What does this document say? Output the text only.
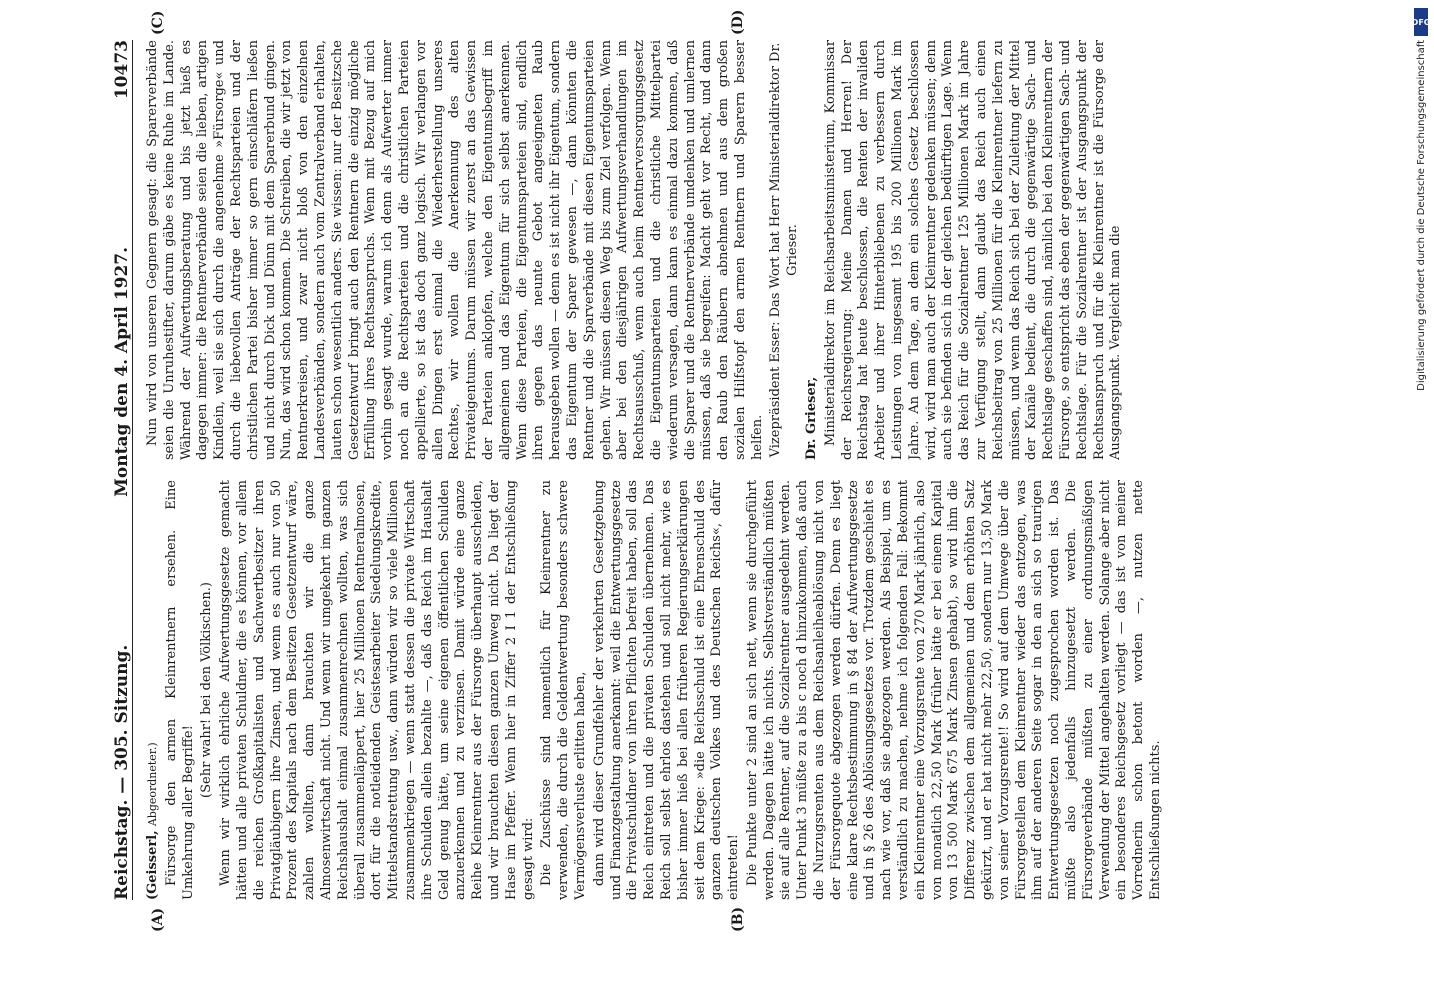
Reichstag. — 305. Sitzung.
Montag den 4. April 1927.
10473
(A)	(B)
(C)	(D)

(Geisserl, Abgeordneter.) Fürsorge den armen Kleinrentnern ersehen. Eine Umkehrung aller Begriffe!

(Sehr wahr! bei den Völkischen.) Wenn wir wirklich ehrliche Aufwertungsgesetze gemacht hätten und alle privaten Schuldner, die es können, vor allem die reichen Großkapitalisten und Sachwertbesitzer ihren Privatgläubigern ihre Zinsen, und wenn es auch nur von 50 Prozent des Kapitals nach dem Besitzen Gesetzentwurf wäre, zahlen wollten, dann brauchten wir die ganze Almosenwirtschaft nicht. Und wenn wir umgekehrt im ganzen Reichshaushalt einmal zusammenrechnen wollten, was sich überall zusammenläppert, hier 25 Millionen Rentneralmosen, dort für die notleidenden Geistesarbeiter Siedelungskredite, Mittelstandsrettung usw., dann würden wir so viele Millionen zusammenkriegen — wenn statt dessen die private Wirtschaft ihre Schulden allein bezahlte —, daß das Reich im Haushalt Geld genug hätte, um seine eigenen öffentlichen Schulden anzuerkennen und zu verzinsen. Damit würde eine ganze Reihe Kleinrentner aus der Fürsorge überhaupt ausscheiden, und wir brauchten diesen ganzen Umweg nicht. Da liegt der Hase im Pfeffer. Wenn hier in Ziffer 2 I 1 der Entschließung gesagt wird: Die Zuschüsse sind namentlich für Kleinrentner zu verwenden, die durch die Geldentwertung besonders schwere Vermögensverluste erlitten haben, dann wird dieser Grundfehler der verkehrten Gesetzgebung und Finanzgestaltung anerkannt: weil die Entwertungsgesetze die Privatschuldner von ihren Pflichten befreit haben, soll das Reich eintreten und die privaten Schulden übernehmen. Das Reich soll selbst ehrlos dastehen und soll nicht mehr, wie es bisher immer hieß bei allen früheren Regierungserklärungen seit dem Kriege: »die Reichsschuld ist eine Ehrenschuld des ganzen deutschen Volkes und des Deutschen Reichs«, dafür eintreten! Die Punkte unter 2 sind an sich nett, wenn sie durchgeführt werden. Dagegen hätte ich nichts. Selbstverständlich müßten sie auf alle Rentner, auf die Sozialrentner ausgedehnt werden. Unter Punkt 3 müßte zu a bis c noch d hinzukommen, daß auch die Nurzugsrenten aus dem Reichsanleiheablösung nicht von der Fürsorgequote abgezogen werden dürfen. Denn es liegt eine klare Rechtsbestimmung in § 84 der Aufwertungsgesetze und in § 26 des Ablösungsgesetzes vor. Trotzdem geschieht es nach wie vor, daß sie abgezogen werden. Als Beispiel, um es verständlich zu machen, nehme ich folgenden Fall: Bekommt ein Kleinrentner eine Vorzugsrente von 270 Mark jährlich, also von monatlich 22,50 Mark (früher hätte er bei einem Kapital von 13 500 Mark 675 Mark Zinsen gehabt), so wird ihm die Differenz zwischen dem allgemeinen und dem erhöhten Satz gekürzt, und er hat nicht mehr 22,50, sondern nur 13,50 Mark von seiner Vorzugsrente!! So wird auf dem Umwege über die Fürsorgestellen dem Kleinrentner wieder das entzogen, was ihm auf der anderen Seite sogar in den an sich so traurigen Entwertungsgesetzen noch zugesprochen worden ist. Das müßte also jedenfalls hinzugesetzt werden. Die Fürsorgeverbände müßten zu einer ordnungsmäßigen Verwendung der Mittel angehalten werden. Solange aber nicht ein besonderes Reichsgesetz vorliegt — das ist von meiner Vorrednerin schon betont worden —, nutzen nette Entschließungen nichts.

Nun wird von unseren Gegnern gesagt: die Sparerverbände seien die Unruhestifter, darum gäbe es keine Ruhe im Lande. Während der Aufwertungsberatung und bis jetzt hieß es dagegen immer: die Rentnerverbände seien die lieben, artigen Kindlein, weil sie sich durch die angenehme »Fürsorge« und durch die liebevollen Anträge der Rechtsparteien und der christlichen Partei bisher immer so gern einschläfern ließen und nicht durch Dick und Dünn mit dem Sparerbund gingen. Nun, das wird schon kommen. Die Schreiben, die wir jetzt von Rentnerkreisen, und zwar nicht bloß von den einzelnen Landesverbänden, sondern auch vom Zentralverband erhalten, lauten schon wesentlich anders. Sie wissen: nur der Besitzsche Gesetzentwurf bringt auch den Rentnern die einzig mögliche Erfüllung ihres Rechtsanspruchs. Wenn mit Bezug auf mich vorhin gesagt wurde, warum ich denn als Aufwerter immer noch an die Rechtsparteien und die christlichen Parteien appellierte, so ist das doch ganz logisch. Wir verlangen vor allen Dingen erst einmal die Wiederherstellung unseres Rechtes, wir wollen die Anerkennung des alten Privateigentums. Darum müssen wir zuerst an das Gewissen der Parteien anklopfen, welche den Eigentumsbegriff im allgemeinen und das Eigentum für sich selbst anerkennen. Wenn diese Parteien, die Eigentumsparteien sind, endlich ihren gegen das neunte Gebot angeeigneten Raub herausgeben wollen — denn es ist nicht ihr Eigentum, sondern das Eigentum der Sparer gewesen —, dann könnten die Rentner und die Sparverbände mit diesen Eigentumsparteien gehen. Wir müssen diesen Weg bis zum Ziel verfolgen. Wenn aber bei den diesjährigen Aufwertungsverhandlungen im Rechtsausschuß, wenn auch beim Rentnerversorgungsgesetz die Eigentumsparteien und die christliche Mittelpartei wiederum versagen, dann kann es einmal dazu kommen, daß die Sparer und die Rentnerverbände umdenken und umlernen müssen, daß sie begreifen: Macht geht vor Recht, und dann den Raub den Räubern abnehmen und aus dem großen sozialen Hilfstopf den armen Rentnern und Sparern besser helfen. Vizepräsident Esser: Das Wort hat Herr Ministerialdirektor Dr. Grieser.

Dr. Grieser, Ministerialdirektor im Reichsarbeitsministerium, Kommissar der Reichsregierung: Meine Damen und Herren! Der Reichstag hat heute beschlossen, die Renten der invaliden Arbeiter und ihrer Hinterbliebenen zu verbessern durch Leistungen von insgesamt 195 bis 200 Millionen Mark im Jahre. An dem Tage, an dem ein solches Gesetz beschlossen wird, wird man auch der Kleinrentner gedenken müssen; denn auch sie befinden sich in der gleichen bedürftigen Lage. Wenn das Reich für die Sozialrentner 125 Millionen Mark im Jahre zur Verfügung stellt, dann glaubt das Reich auch einen Reichsbeitrag von 25 Millionen für die Kleinrentner liefern zu müssen, und wenn das Reich sich bei der Zuleitung der Mittel der Kanäle bedient, die durch die gegenwärtige Sach- und Rechtslage geschaffen sind, nämlich bei den Kleinrentnern der Fürsorge, so entspricht das eben der gegenwärtigen Sach- und Rechtslage. Für die Sozialrentner ist der Ausgangspunkt der Rechtsanspruch und für die Kleinrentner ist die Fürsorge der Ausgangspunkt. Vergleicht man die

DFG
Digitalisierung gefördert durch die Deutsche Forschungsgemeinschaft
